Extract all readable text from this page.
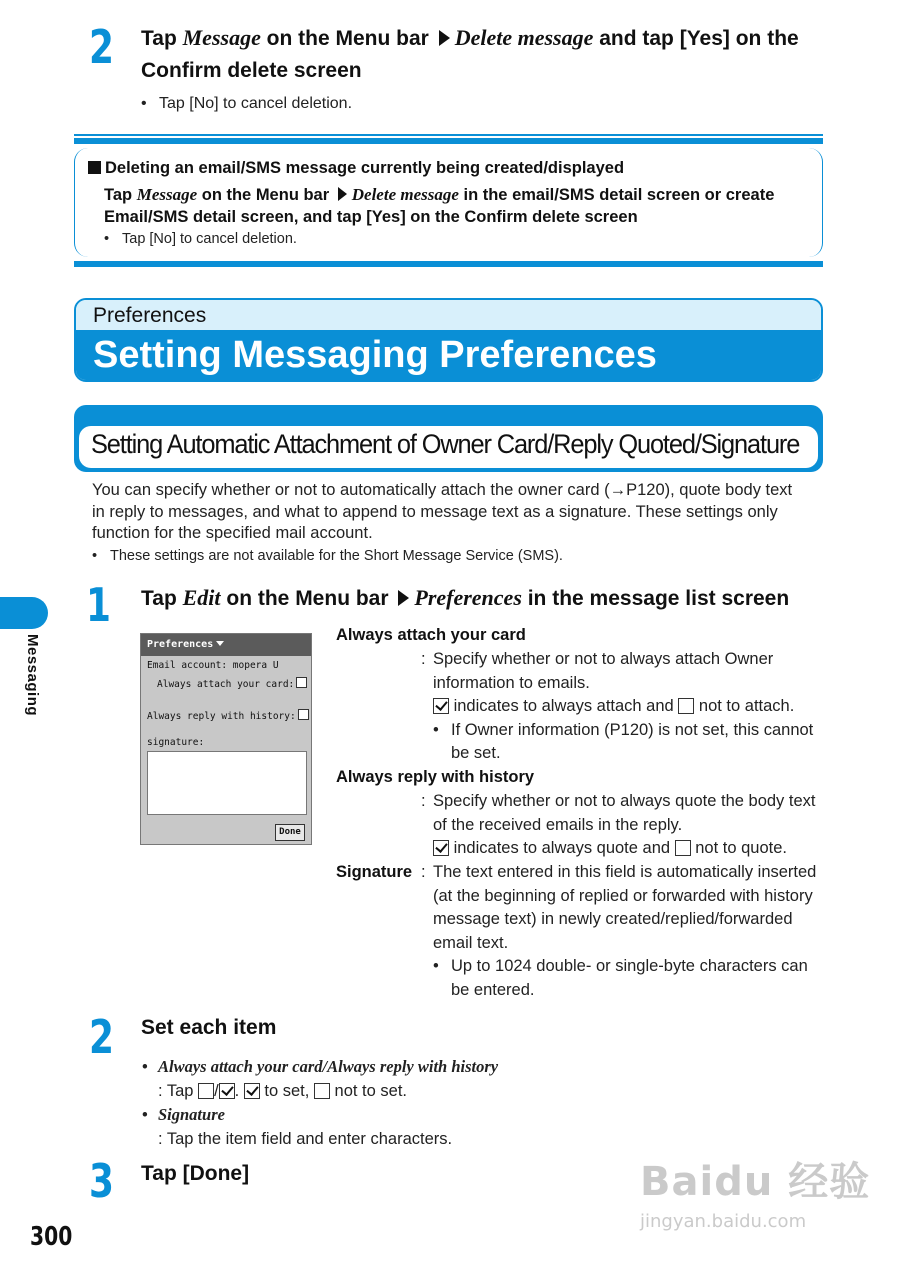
2 Tap Message on the Menu bar Delete message and tap [Yes] on the
Confirm delete screen
• Tap [No] to cancel deletion.
Deleting an email/SMS message currently being created/displayed
Tap Message on the Menu bar Delete message in the email/SMS detail screen or create
Email/SMS detail screen, and tap [Yes] on the Confirm delete screen
• Tap [No] to cancel deletion.
Preferences
Setting Messaging Preferences
Setting Automatic Attachment of Owner Card/Reply Quoted/Signature
You can specify whether or not to automatically attach the owner card (→P120), quote body text
in reply to messages, and what to append to message text as a signature. These settings only
function for the specified mail account.
• These settings are not available for the Short Message Service (SMS).
Messaging
1 Tap Edit on the Menu bar Preferences in the message list screen
Preferences
Email account: mopera U
Always attach your card:
Always reply with history:
signature:
Done
Always attach your card
: Specify whether or not to always attach Owner
information to emails.
indicates to always attach and  not to attach.
• If Owner information (P120) is not set, this cannot
be set.
Always reply with history
: Specify whether or not to always quote the body text
of the received emails in the reply.
indicates to always quote and  not to quote.
Signature : The text entered in this field is automatically inserted
(at the beginning of replied or forwarded with history
message text) in newly created/replied/forwarded
email text.
• Up to 1024 double- or single-byte characters can
be entered.
2 Set each item
• Always attach your card/Always reply with history
: Tap / .  to set,  not to set.
• Signature
: Tap the item field and enter characters.
3 Tap [Done]
300
Baidu 经验
jingyan.baidu.com
